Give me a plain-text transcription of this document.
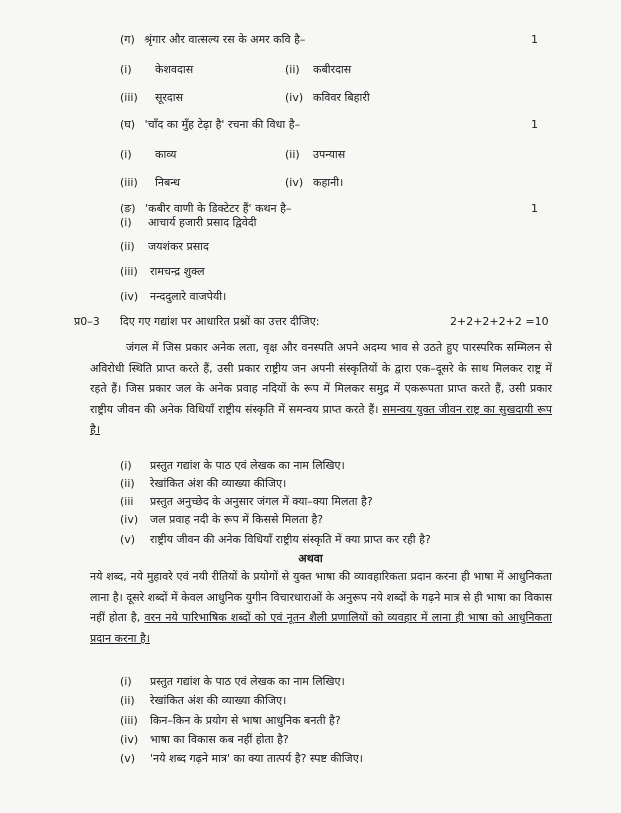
(ग) श्रृंगार और वात्सल्य रस के अमर कवि है–	1
(i) केशवदास	(ii) कबीरदास
(iii) सूरदास	(iv) कविवर बिहारी
(घ) 'चाँद का मुँह टेढ़ा है' रचना की विधा है–	1
(i) काव्य	(ii) उपन्यास
(iii) निबन्ध	(iv) कहानी।
(ङ) 'कबीर वाणी के डिक्टेटर हैं' कथन है–	1
(i) आचार्य हजारी प्रसाद द्विवेदी
(ii) जयशंकर प्रसाद
(iii) रामचन्द्र शुक्ल
(iv) नन्ददुलारे वाजपेयी।
प्र0–3 दिए गए गद्यांश पर आधारित प्रश्नों का उत्तर दीजिए:	2+2+2+2+2 =10
जंगल में जिस प्रकार अनेक लता, वृक्ष और वनस्पति अपने अदम्य भाव से उठते हुए पारस्परिक सम्मिलन से अविरोधी स्थिति प्राप्त करते हैं, उसी प्रकार राष्ट्रीय जन अपनी संस्कृतियों के द्वारा एक–दूसरे के साथ मिलकर राष्ट्र में रहते हैं। जिस प्रकार जल के अनेक प्रवाह नदियों के रूप में मिलकर समुद्र में एकरूपता प्राप्त करते हैं, उसी प्रकार राष्ट्रीय जीवन की अनेक विधियाँ राष्ट्रीय संस्कृति में समन्वय प्राप्त करते हैं। समन्वय युक्त जीवन राष्ट्र का सुखदायी रूप है।
(i) प्रस्तुत गद्यांश के पाठ एवं लेखक का नाम लिखिए।
(ii) रेखांकित अंश की व्याख्या कीजिए।
(iii प्रस्तुत अनुच्छेद के अनुसार जंगल में क्या–क्या मिलता है?
(iv) जल प्रवाह नदी के रूप में किससे मिलता है?
(v) राष्ट्रीय जीवन की अनेक विधियाँ राष्ट्रीय संस्कृति में क्या प्राप्त कर रही है?
अथवा
नये शब्द, नये मुहावरे एवं नयी रीतियों के प्रयोगों से युक्त भाषा की व्यावहारिकता प्रदान करना ही भाषा में आधुनिकता लाना है। दूसरे शब्दों में केवल आधुनिक युगीन विचारधाराओं के अनुरूप नये शब्दों के गढ़ने मात्र से ही भाषा का विकास नहीं होता है, वरन नये पारिभाषिक शब्दों को एवं नूतन शैली प्रणालियों को व्यवहार में लाना ही भाषा को आधुनिकता प्रदान करना है।
(i) प्रस्तुत गद्यांश के पाठ एवं लेखक का नाम लिखिए।
(ii) रेखांकित अंश की व्याख्या कीजिए।
(iii) किन–किन के प्रयोग से भाषा आधुनिक बनती है?
(iv) भाषा का विकास कब नहीं होता है?
(v) 'नये शब्द गढ़ने मात्र' का क्या तात्पर्य है? स्पष्ट कीजिए।
